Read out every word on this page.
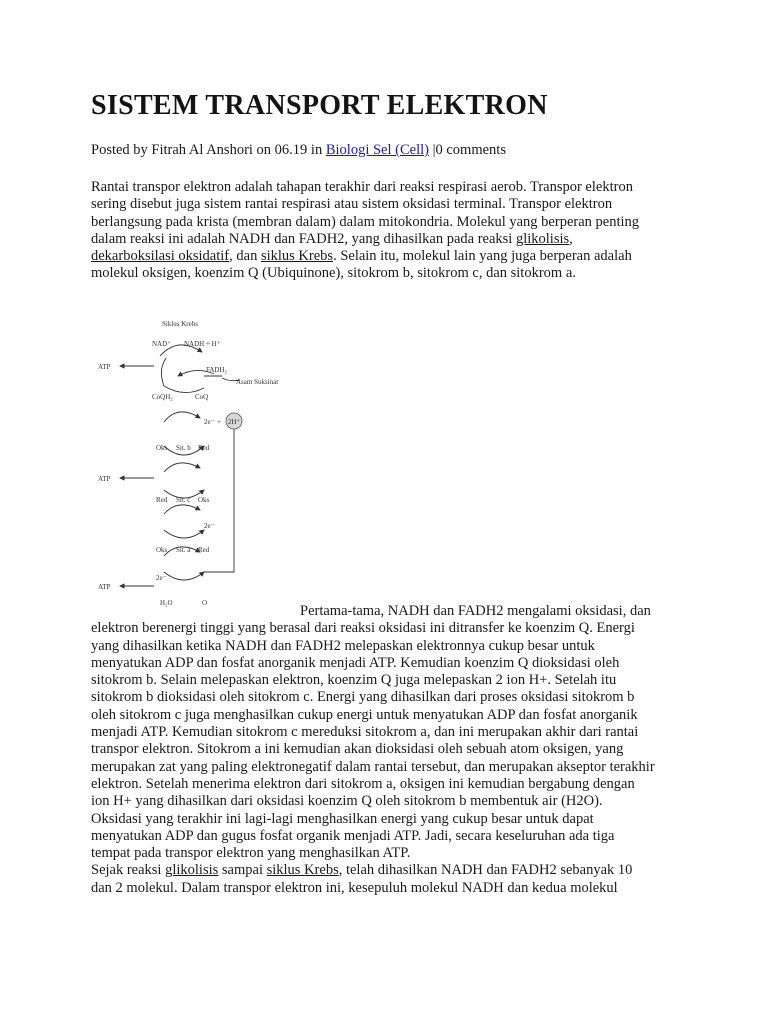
SISTEM TRANSPORT ELEKTRON
Posted by Fitrah Al Anshori on 06.19 in Biologi Sel (Cell) |0 comments
Rantai transpor elektron adalah tahapan terakhir dari reaksi respirasi aerob. Transpor elektron
sering disebut juga sistem rantai respirasi atau sistem oksidasi terminal. Transpor elektron
berlangsung pada krista (membran dalam) dalam mitokondria. Molekul yang berperan penting
dalam reaksi ini adalah NADH dan FADH2, yang dihasilkan pada reaksi glikolisis,
dekarboksilasi oksidatif, dan siklus Krebs. Selain itu, molekul lain yang juga berperan adalah
molekul oksigen, koenzim Q (Ubiquinone), sitokrom b, sitokrom c, dan sitokrom a.
Pertama-tama, NADH dan FADH2 mengalami oksidasi, dan
elektron berenergi tinggi yang berasal dari reaksi oksidasi ini ditransfer ke koenzim Q. Energi
yang dihasilkan ketika NADH dan FADH2 melepaskan elektronnya cukup besar untuk
menyatukan ADP dan fosfat anorganik menjadi ATP. Kemudian koenzim Q dioksidasi oleh
sitokrom b. Selain melepaskan elektron, koenzim Q juga melepaskan 2 ion H+. Setelah itu
sitokrom b dioksidasi oleh sitokrom c. Energi yang dihasilkan dari proses oksidasi sitokrom b
oleh sitokrom c juga menghasilkan cukup energi untuk menyatukan ADP dan fosfat anorganik
menjadi ATP. Kemudian sitokrom c mereduksi sitokrom a, dan ini merupakan akhir dari rantai
transpor elektron. Sitokrom a ini kemudian akan dioksidasi oleh sebuah atom oksigen, yang
merupakan zat yang paling elektronegatif dalam rantai tersebut, dan merupakan akseptor terakhir
elektron. Setelah menerima elektron dari sitokrom a, oksigen ini kemudian bergabung dengan
ion H+ yang dihasilkan dari oksidasi koenzim Q oleh sitokrom b membentuk air (H2O).
Oksidasi yang terakhir ini lagi-lagi menghasilkan energi yang cukup besar untuk dapat
menyatukan ADP dan gugus fosfat organik menjadi ATP. Jadi, secara keseluruhan ada tiga
tempat pada transpor elektron yang menghasilkan ATP.
Sejak reaksi glikolisis sampai siklus Krebs, telah dihasilkan NADH dan FADH2 sebanyak 10
dan 2 molekul. Dalam transpor elektron ini, kesepuluh molekul NADH dan kedua molekul
Siklus Krebs
NAD⁺ NADH + H⁺
FADH₂
Asam Suksinat
CoQH₂	CoQ
2e⁻ + 2H⁺
ATP
Oks Sit. b Red
ATP
Red Sit. c Oks
2e⁻
Oks Sit. a Red
2e⁻
ATP
H₂O	O
